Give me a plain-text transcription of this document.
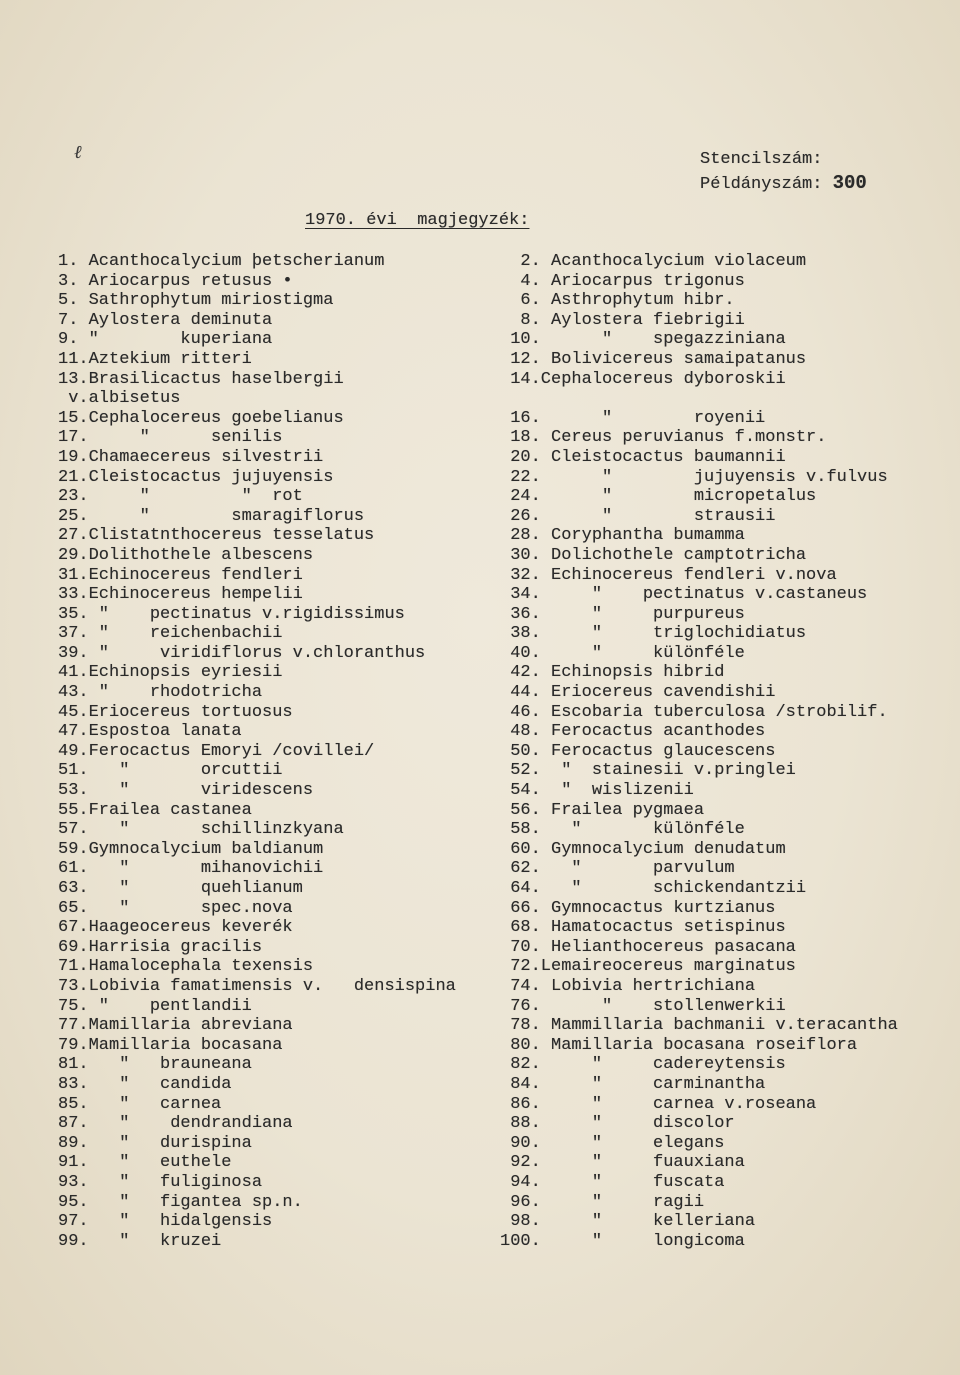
ℓ	Stencilszám:
Példányszám: 300
1970. évi  magjegyzék:
1. Acanthocalycium þetscherianum
3. Ariocarpus retusus •
5. Sathrophytum miriostigma
7. Aylostera deminuta
9. "        kuperiana
11.Aztekium ritteri
13.Brasilicactus haselbergii
v.albisetus
15.Cephalocereus goebelianus
17.     "      senilis
19.Chamaecereus silvestrii
21.Cleistocactus jujuyensis
23.     "         "  rot
25.     "        smaragiflorus
27.Clistatnthocereus tesselatus
29.Dolithothele albescens
31.Echinocereus fendleri
33.Echinocereus hempelii
35. "    pectinatus v.rigidissimus
37. "    reichenbachii
39. "     viridiflorus v.chloranthus
41.Echinopsis eyriesii
43. "    rhodotricha
45.Eriocereus tortuosus
47.Espostoa lanata
49.Ferocactus Emoryi /covillei/
51.   "       orcuttii
53.   "       viridescens
55.Frailea castanea
57.   "       schillinzkyana
59.Gymnocalycium baldianum
61.   "       mihanovichii
63.   "       quehlianum
65.   "       spec.nova
67.Haageocereus keverék
69.Harrisia gracilis
71.Hamalocephala texensis
73.Lobivia famatimensis v.   densispina
75. "    pentlandii
77.Mamillaria abreviana
79.Mamillaria bocasana
81.   "   brauneana
83.   "   candida
85.   "   carnea
87.   "    dendrandiana
89.   "   durispina
91.   "   euthele
93.   "   fuliginosa
95.   "   figantea sp.n.
97.   "   hidalgensis
99.   "   kruzei
2. Acanthocalycium violaceum
4. Ariocarpus trigonus
6. Asthrophytum hibr.
8. Aylostera fiebrigii
10.      "    spegazziniana
12. Bolivicereus samaipatanus
14.Cephalocereus dyboroskii
16.      "        royenii
18. Cereus peruvianus f.monstr.
20. Cleistocactus baumannii
22.      "        jujuyensis v.fulvus
24.      "        micropetalus
26.      "        strausii
28. Coryphantha bumamma
30. Dolichothele camptotricha
32. Echinocereus fendleri v.nova
34.     "    pectinatus v.castaneus
36.     "     purpureus
38.     "     triglochidiatus
40.     "     különféle
42. Echinopsis hibrid
44. Eriocereus cavendishii
46. Escobaria tuberculosa /strobilif.
48. Ferocactus acanthodes
50. Ferocactus glaucescens
52.  "  stainesii v.pringlei
54.  "  wislizenii
56. Frailea pygmaea
58.   "       különféle
60. Gymnocalycium denudatum
62.   "       parvulum
64.   "       schickendantzii
66. Gymnocactus kurtzianus
68. Hamatocactus setispinus
70. Helianthocereus pasacana
72.Lemaireocereus marginatus
74. Lobivia hertrichiana
76.      "    stollenwerkii
78. Mammillaria bachmanii v.teracantha
80. Mamillaria bocasana roseiflora
82.     "     cadereytensis
84.     "     carminantha
86.     "     carnea v.roseana
88.     "     discolor
90.     "     elegans
92.     "     fuauxiana
94.     "     fuscata
96.     "     ragii
98.     "     kelleriana
100.     "     longicoma
